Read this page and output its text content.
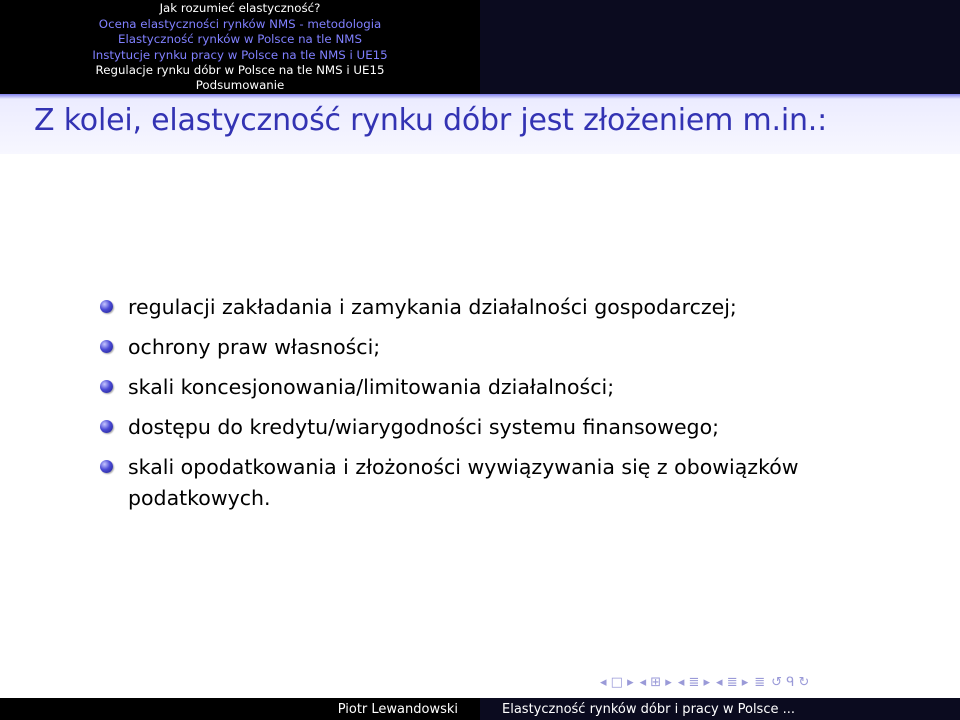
Jak rozumieć elastyczność?
Ocena elastyczności rynków NMS - metodologia
Elastyczność rynków w Polsce na tle NMS
Instytucje rynku pracy w Polsce na tle NMS i UE15
Regulacje rynku dóbr w Polsce na tle NMS i UE15
Podsumowanie
Z kolei, elastyczność rynku dóbr jest złożeniem m.in.:
regulacji zakładania i zamykania działalności gospodarczej;
ochrony praw własności;
skali koncesjonowania/limitowania działalności;
dostępu do kredytu/wiarygodności systemu finansowego;
skali opodatkowania i złożoności wywiązywania się z obowiązków podatkowych.
◂ □ ▸ ◂ ⊞ ▸ ◂ ≣ ▸ ◂ ≣ ▸ ≣ ↺ ᑫ ↻
Piotr Lewandowski	Elastyczność rynków dóbr i pracy w Polsce ...
